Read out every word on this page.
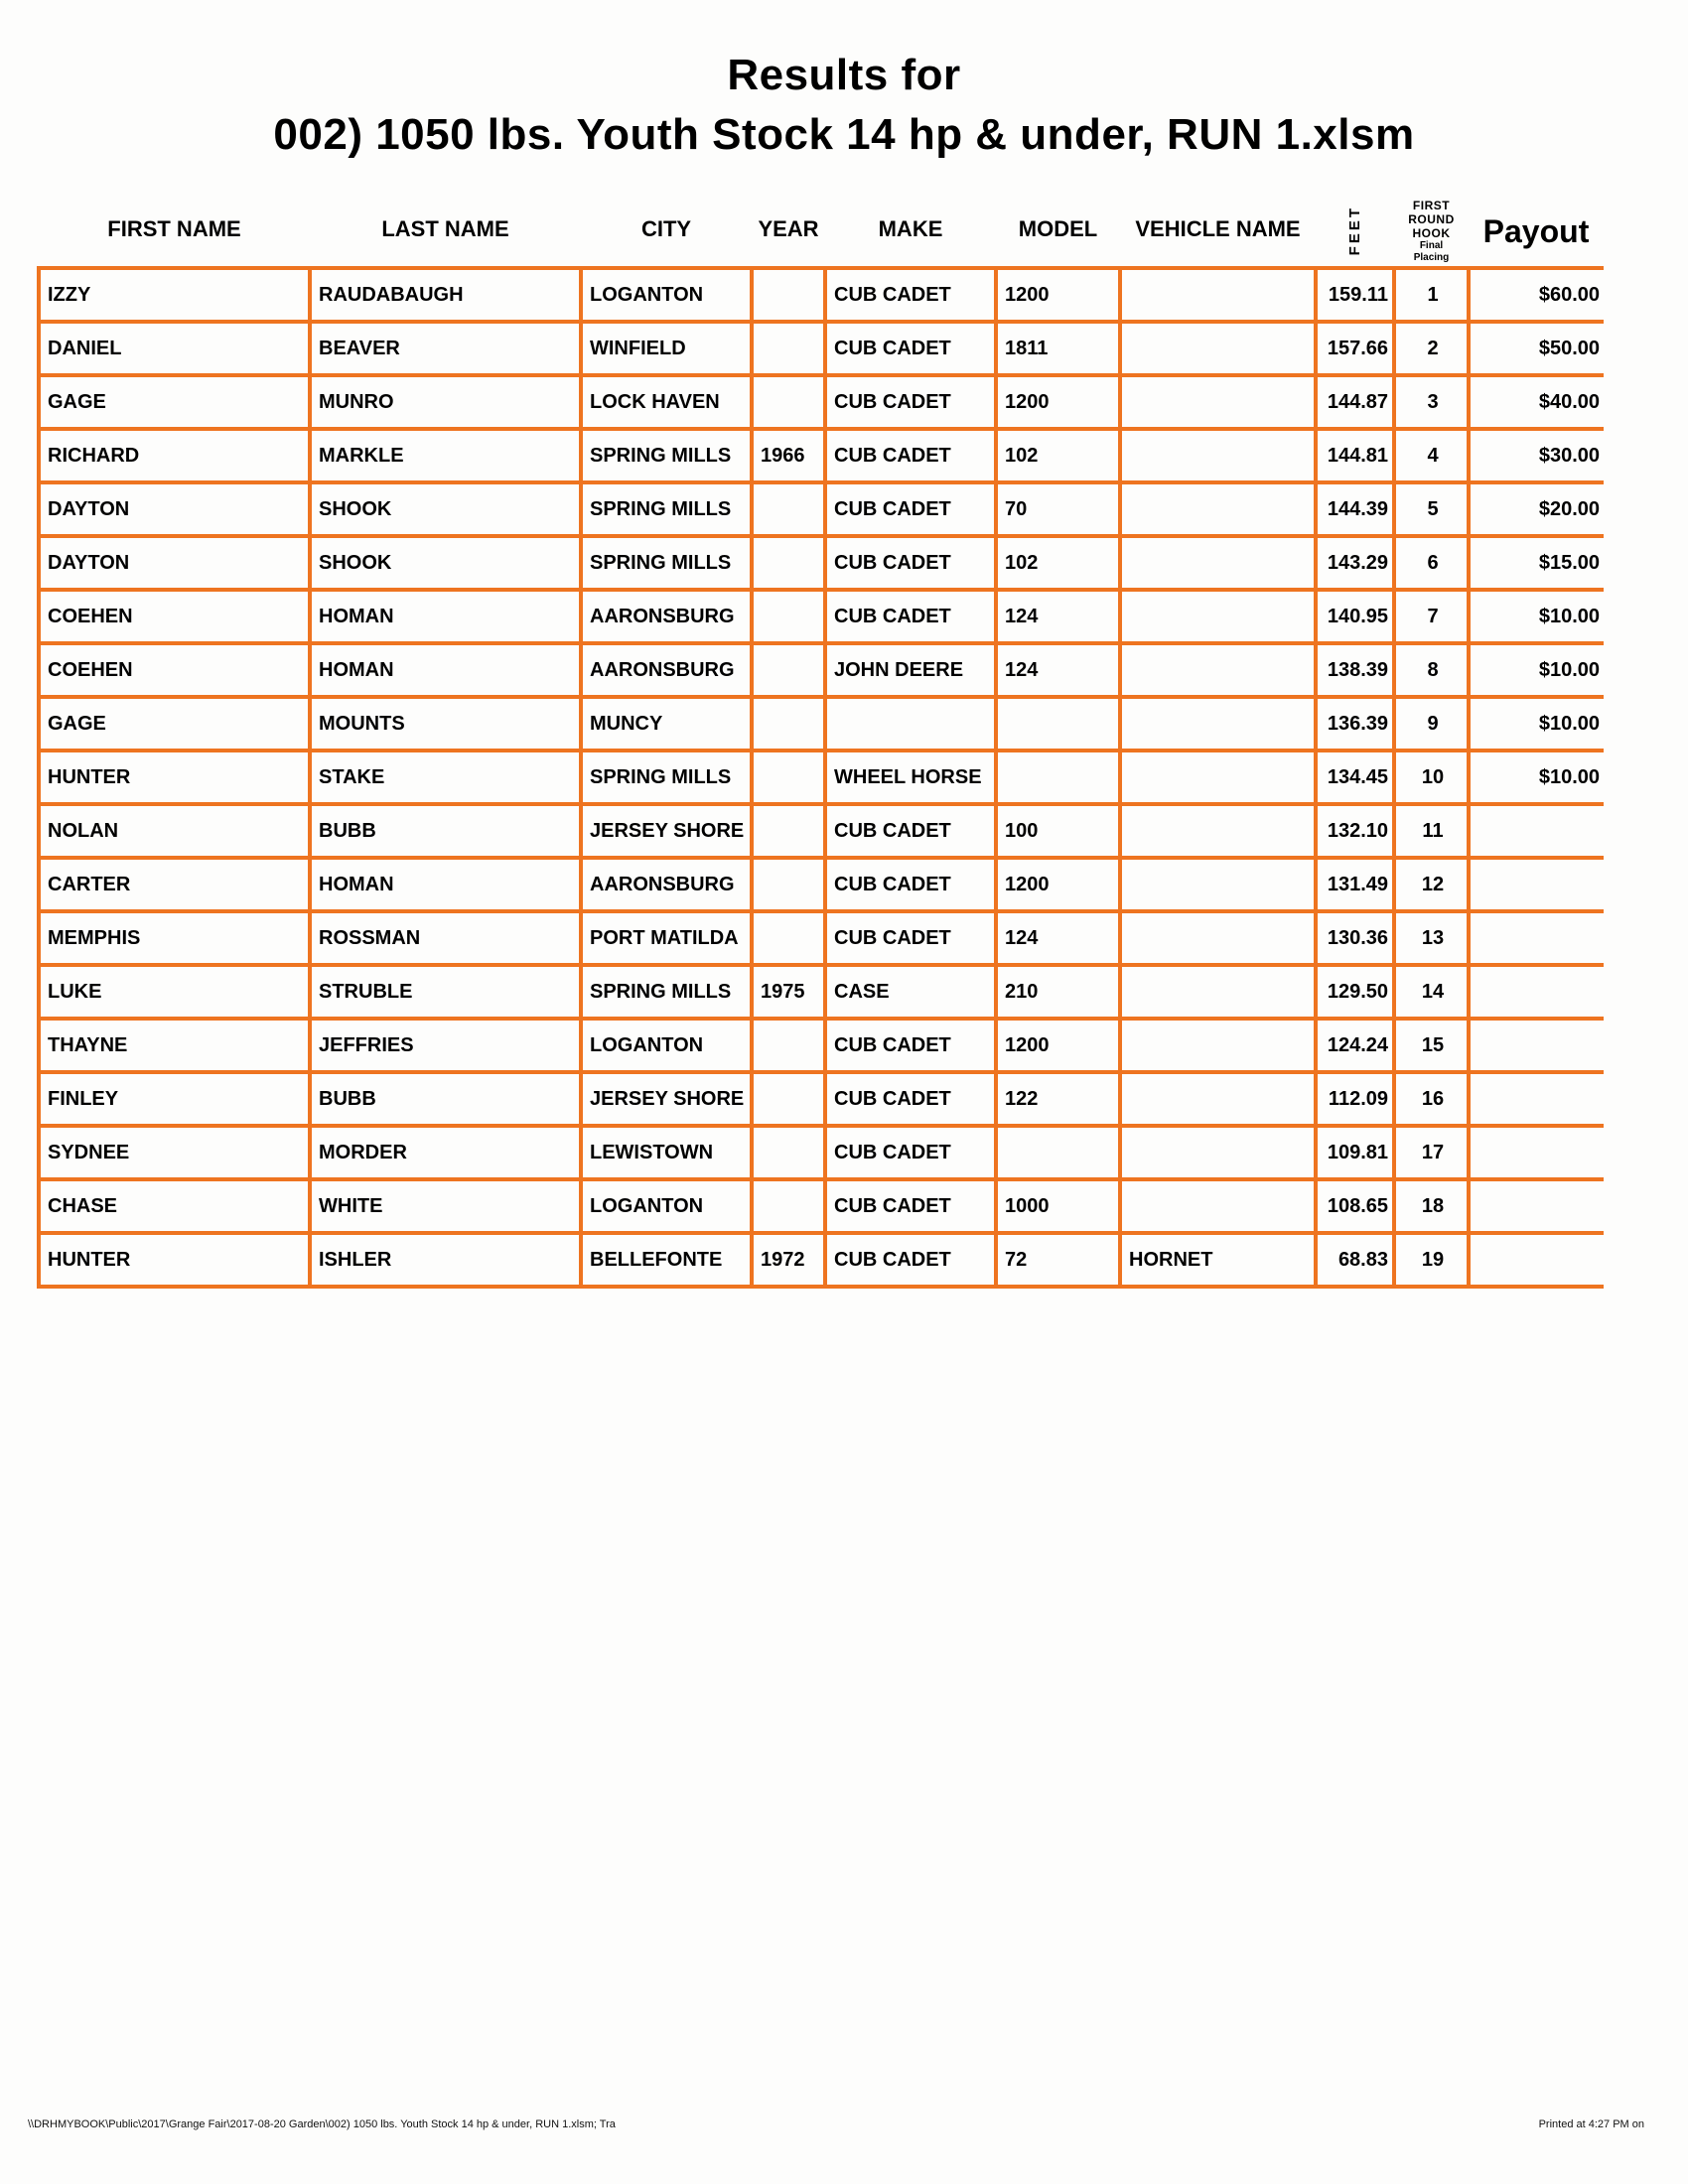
Results for
002) 1050 lbs. Youth Stock 14 hp & under, RUN 1.xlsm
FIRST NAME	LAST NAME	CITY	YEAR	MAKE	MODEL	VEHICLE NAME	FEET	FIRST
ROUND
HOOK
Final
Placing	Payout
IZZY	RAUDABAUGH	LOGANTON		CUB CADET	1200		159.11	1	$60.00
DANIEL	BEAVER	WINFIELD		CUB CADET	1811		157.66	2	$50.00
GAGE	MUNRO	LOCK HAVEN		CUB CADET	1200		144.87	3	$40.00
RICHARD	MARKLE	SPRING MILLS	1966	CUB CADET	102		144.81	4	$30.00
DAYTON	SHOOK	SPRING MILLS		CUB CADET	70		144.39	5	$20.00
DAYTON	SHOOK	SPRING MILLS		CUB CADET	102		143.29	6	$15.00
COEHEN	HOMAN	AARONSBURG		CUB CADET	124		140.95	7	$10.00
COEHEN	HOMAN	AARONSBURG		JOHN DEERE	124		138.39	8	$10.00
GAGE	MOUNTS	MUNCY					136.39	9	$10.00
HUNTER	STAKE	SPRING MILLS		WHEEL HORSE			134.45	10	$10.00
NOLAN	BUBB	JERSEY SHORE		CUB CADET	100		132.10	11	
CARTER	HOMAN	AARONSBURG		CUB CADET	1200		131.49	12	
MEMPHIS	ROSSMAN	PORT MATILDA		CUB CADET	124		130.36	13	
LUKE	STRUBLE	SPRING MILLS	1975	CASE	210		129.50	14	
THAYNE	JEFFRIES	LOGANTON		CUB CADET	1200		124.24	15	
FINLEY	BUBB	JERSEY SHORE		CUB CADET	122		112.09	16	
SYDNEE	MORDER	LEWISTOWN		CUB CADET			109.81	17	
CHASE	WHITE	LOGANTON		CUB CADET	1000		108.65	18	
HUNTER	ISHLER	BELLEFONTE	1972	CUB CADET	72	HORNET	68.83	19	
\\DRHMYBOOK\Public\2017\Grange Fair\2017-08-20 Garden\002) 1050 lbs. Youth Stock 14 hp & under, RUN 1.xlsm; Tra	Printed at 4:27 PM on
